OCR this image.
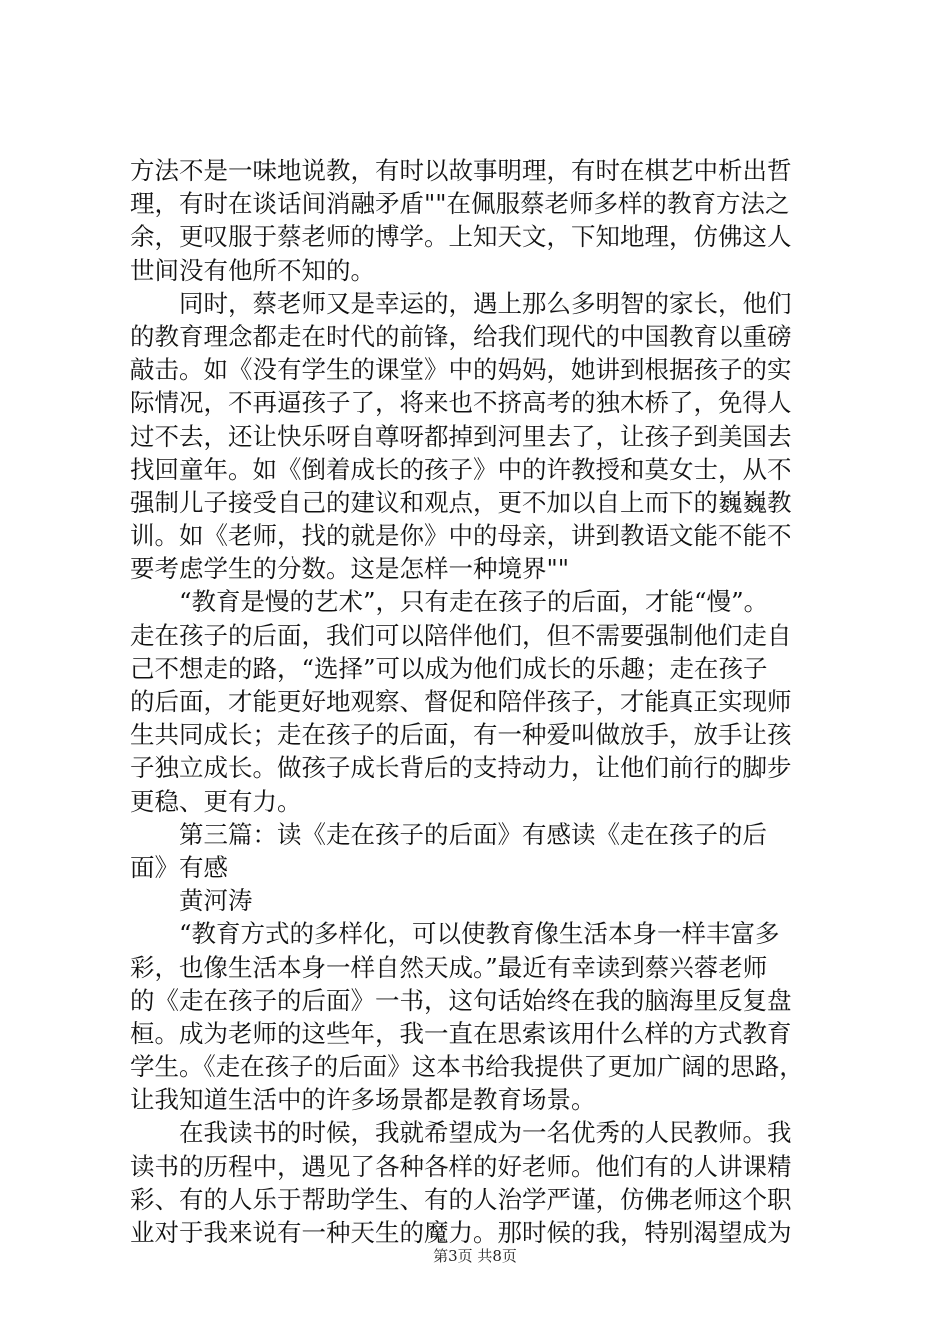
方法不是一味地说教，有时以故事明理，有时在棋艺中析出哲
理，有时在谈话间消融矛盾""在佩服蔡老师多样的教育方法之
余，更叹服于蔡老师的博学。上知天文，下知地理，仿佛这人
世间没有他所不知的。
　　同时，蔡老师又是幸运的，遇上那么多明智的家长，他们
的教育理念都走在时代的前锋，给我们现代的中国教育以重磅
敲击。如《没有学生的课堂》中的妈妈，她讲到根据孩子的实
际情况，不再逼孩子了，将来也不挤高考的独木桥了，免得人
过不去，还让快乐呀自尊呀都掉到河里去了，让孩子到美国去
找回童年。如《倒着成长的孩子》中的许教授和莫女士，从不
强制儿子接受自己的建议和观点，更不加以自上而下的巍巍教
训。如《老师，找的就是你》中的母亲，讲到教语文能不能不
要考虑学生的分数。这是怎样一种境界""
　　“教育是慢的艺术”，只有走在孩子的后面，才能“慢”。
走在孩子的后面，我们可以陪伴他们，但不需要强制他们走自
己不想走的路，“选择”可以成为他们成长的乐趣；走在孩子
的后面，才能更好地观察、督促和陪伴孩子，才能真正实现师
生共同成长；走在孩子的后面，有一种爱叫做放手，放手让孩
子独立成长。做孩子成长背后的支持动力，让他们前行的脚步
更稳、更有力。
　　第三篇：读《走在孩子的后面》有感读《走在孩子的后
面》有感
　　黄河涛
　　“教育方式的多样化，可以使教育像生活本身一样丰富多
彩，也像生活本身一样自然天成。”最近有幸读到蔡兴蓉老师
的《走在孩子的后面》一书，这句话始终在我的脑海里反复盘
桓。成为老师的这些年，我一直在思索该用什么样的方式教育
学生。《走在孩子的后面》这本书给我提供了更加广阔的思路，
让我知道生活中的许多场景都是教育场景。
　　在我读书的时候，我就希望成为一名优秀的人民教师。我
读书的历程中，遇见了各种各样的好老师。他们有的人讲课精
彩、有的人乐于帮助学生、有的人治学严谨，仿佛老师这个职
业对于我来说有一种天生的魔力。那时候的我，特别渴望成为
第3页 共8页
